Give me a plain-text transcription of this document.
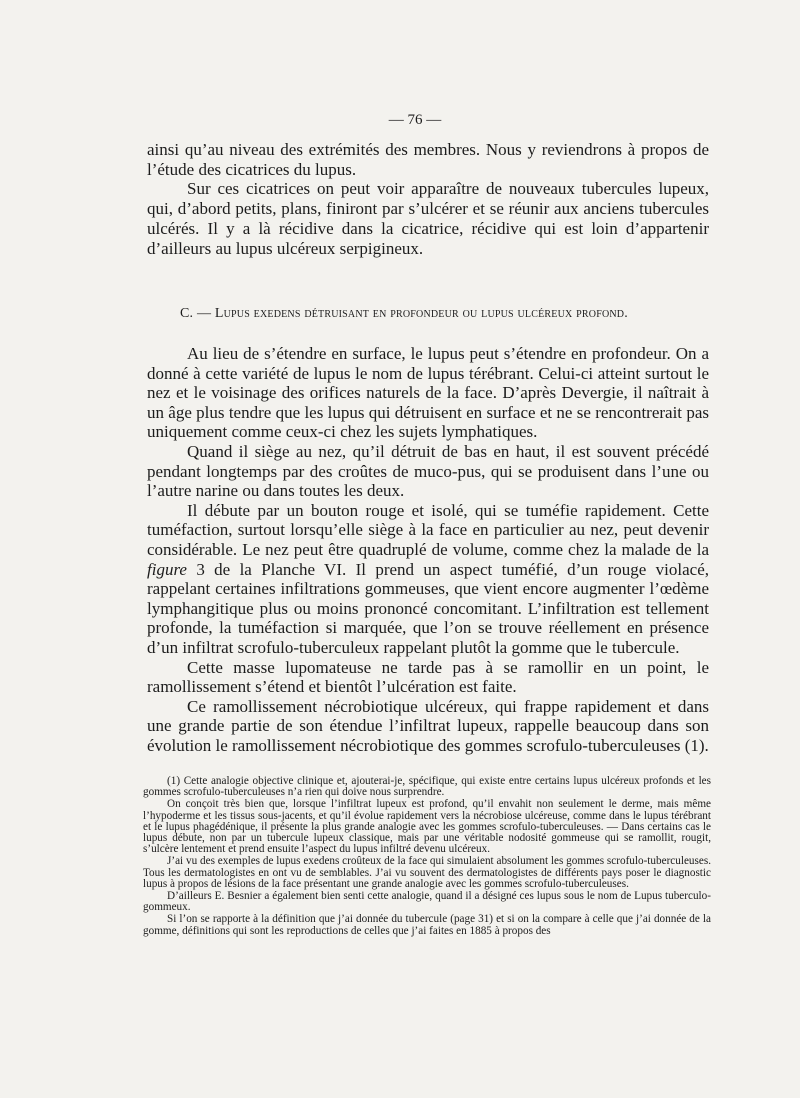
— 76 —

ainsi qu’au niveau des extrémités des membres. Nous y reviendrons à propos de l’étude des cicatrices du lupus.

Sur ces cicatrices on peut voir apparaître de nouveaux tubercules lupeux, qui, d’abord petits, plans, finiront par s’ulcérer et se réunir aux anciens tubercules ulcérés. Il y a là récidive dans la cicatrice, récidive qui est loin d’appartenir d’ailleurs au lupus ulcéreux serpigineux.

C. — Lupus exedens détruisant en profondeur ou lupus ulcéreux profond.

Au lieu de s’étendre en surface, le lupus peut s’étendre en profondeur. On a donné à cette variété de lupus le nom de lupus térébrant. Celui-ci atteint surtout le nez et le voisinage des orifices naturels de la face. D’après Devergie, il naîtrait à un âge plus tendre que les lupus qui détruisent en surface et ne se rencontrerait pas uniquement comme ceux-ci chez les sujets lymphatiques.

Quand il siège au nez, qu’il détruit de bas en haut, il est souvent précédé pendant longtemps par des croûtes de muco-pus, qui se produisent dans l’une ou l’autre narine ou dans toutes les deux.

Il débute par un bouton rouge et isolé, qui se tuméfie rapidement. Cette tuméfaction, surtout lorsqu’elle siège à la face en particulier au nez, peut devenir considérable. Le nez peut être quadruplé de volume, comme chez la malade de la figure 3 de la Planche VI. Il prend un aspect tuméfié, d’un rouge violacé, rappelant certaines infiltrations gommeuses, que vient encore augmenter l’œdème lymphangitique plus ou moins prononcé concomitant. L’infiltration est tellement profonde, la tuméfaction si marquée, que l’on se trouve réellement en présence d’un infiltrat scrofulo-tuberculeux rappelant plutôt la gomme que le tubercule.

Cette masse lupomateuse ne tarde pas à se ramollir en un point, le ramollissement s’étend et bientôt l’ulcération est faite.

Ce ramollissement nécrobiotique ulcéreux, qui frappe rapidement et dans une grande partie de son étendue l’infiltrat lupeux, rappelle beaucoup dans son évolution le ramollissement nécrobiotique des gommes scrofulo-tuberculeuses (1).

(1) Cette analogie objective clinique et, ajouterai-je, spécifique, qui existe entre certains lupus ulcéreux profonds et les gommes scrofulo-tuberculeuses n’a rien qui doive nous surprendre.

On conçoit très bien que, lorsque l’infiltrat lupeux est profond, qu’il envahit non seulement le derme, mais même l’hypoderme et les tissus sous-jacents, et qu’il évolue rapidement vers la nécrobiose ulcéreuse, comme dans le lupus térébrant et le lupus phagédénique, il présente la plus grande analogie avec les gommes scrofulo-tuberculeuses. — Dans certains cas le lupus débute, non par un tubercule lupeux classique, mais par une véritable nodosité gommeuse qui se ramollit, rougit, s’ulcère lentement et prend ensuite l’aspect du lupus infiltré devenu ulcéreux.

J’ai vu des exemples de lupus exedens croûteux de la face qui simulaient absolument les gommes scrofulo-tuberculeuses. Tous les dermatologistes en ont vu de semblables. J’ai vu souvent des dermatologistes de différents pays poser le diagnostic lupus à propos de lésions de la face présentant une grande analogie avec les gommes scrofulo-tuberculeuses.

D’ailleurs E. Besnier a également bien senti cette analogie, quand il a désigné ces lupus sous le nom de Lupus tuberculo-gommeux.

Si l’on se rapporte à la définition que j’ai donnée du tubercule (page 31) et si on la compare à celle que j’ai donnée de la gomme, définitions qui sont les reproductions de celles que j’ai faites en 1885 à propos des
